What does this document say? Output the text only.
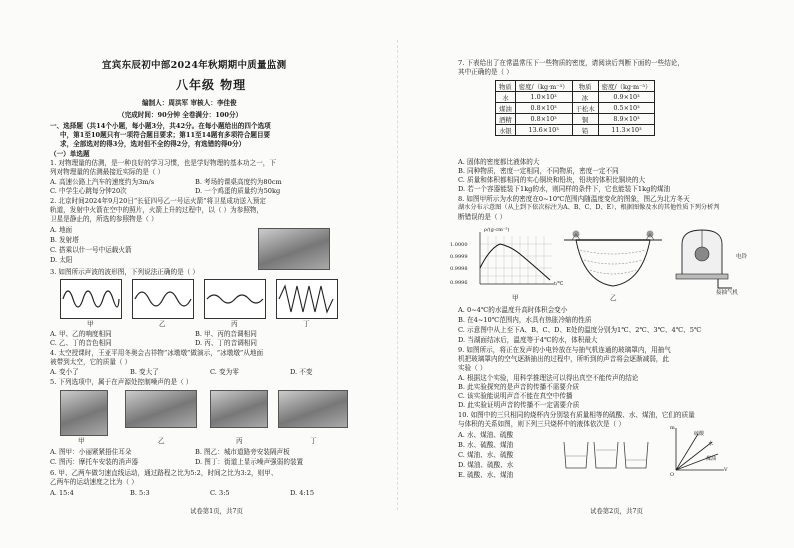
宜宾东辰初中部2024年秋期期中质量监测
八年级 物理
编制人：周洪军 审核人：李佳俊
（完成时间：90分钟 全卷满分：100分）
一、选择题（共14个小题，每小题3分，共42分。在每小题给出的四个选项
中，第1至10题只有一项符合题目要求；第11至14题有多项符合题目要
求，全部选对的得3分，选对但不全的得2分，有选错的得0分）
（一）单选题
1. 对物理量的估测，是一种良好的学习习惯，也是学好物理的基本功之一，下
列对物理量的估测最接近实际的是（ ）
A. 高速公路上汽车的速度约为3m/s	B. 考场的课桌高度约为80cm
C. 中学生心跳每分钟20次	D. 一个鸡蛋的质量约为50kg
2. 北京时间2024年9月20日“长征四号乙一号运火箭”将卫星成功送入预定
轨道，发射中火箭在空中的照片，火箭上升的过程中，以（ ）为参照物，
卫星是静止的，所选的参照物是（ ）
A. 地面
B. 发射塔
C. 搭乘以什一号中运载火箭
D. 太阳
3. 如图所示声波的波形图，下列说法正确的是（ ）
甲	乙	丙	丁
A. 甲、乙的响度相同	B. 甲、丙的音调相同
C. 乙、丁的音色相同	D. 丙、丁的音调相同
4. 太空授课时，王亚平用冬奥会吉祥物“冰墩墩”做演示，“冰墩墩”从地面
被带到太空，它的质量（ ）
A. 变小了	B. 变大了	C. 变为零	D. 不变
5. 下列选项中，属于在声源处控制噪声的是（ ）
甲	乙	丙	丁
A. 图甲：小丽紧紧捂住耳朵	B. 图乙：城市道路旁安装隔声板
C. 图丙：摩托车安装的消声器	D. 图丁：街道上显示噪声强弱的装置
6. 甲、乙两车做匀速直线运动，通过路程之比为5:2，时间之比为3:2，则甲、
乙两车的运动速度之比为（ ）
A. 15:4	B. 5:3	C. 3:5	D. 4:15
试卷第1页，共7页
7. 下表给出了在常温常压下一些物质的密度，请阅读后判断下面的一些结论，
其中正确的是（ ）
物质	密度/（kg·m⁻³）	物质	密度/（kg·m⁻³）
水	1.0×10³	冰	0.9×10³
煤油	0.8×10³	干松木	0.5×10³
酒精	0.8×10³	铜	8.9×10³
水银	13.6×10³	铅	11.3×10³
A. 固体的密度都比液体的大
B. 同种物质，密度一定相同，不同物质，密度一定不同
C. 质量和体积都相同的实心铜块和铅块，铅块的体积比铜块的大
D. 若一个容器能装下1kg的水，则同样的条件下，它也能装下1kg的煤油
8. 如图甲所示为水的密度在0~10℃范围内随温度变化的图象，图乙为北方冬天
湖水分布示意图（从上到下依次标注为A、B、C、D、E），根据图像及水的其他性质下列分析判
断错误的是（ ）
ρ/(g·cm⁻³)
1.0000
0.9999
0.9998
0.9996	t/℃
甲	乙
电铃
接抽气机
A. 0~4℃的水温度升高时体积会变小
B. 在4~10℃范围内，水具有热胀冷缩的性质
C. 示意图中从上至下A、B、C、D、E处的温度分别为1℃、2℃、3℃、4℃、5℃
D. 当湖面结冰后，温度等于4℃的水，体积最大
9. 如图所示，将正在发声的小电铃放在与抽气机连通的玻璃罩内，用抽气
机把玻璃罩内的空气逐渐抽出的过程中，所听到的声音将会逐渐减弱，此
实验（ ）
A. 根据这个实验，用科学推理法可以得出真空不能传声的结论
B. 此实验探究的是声音的传播不需要介质
C. 该实验能说明声音不能在真空中传播
D. 此实验证明声音的传播不一定需要介质
10. 如图中的三只相同的烧杯内分别装有质量相等的硫酸、水、煤油，它们的质量
与体积的关系如图，则下列三只烧杯中的液体依次是（ ）
A. 水、煤油、硫酸
B. 水、硫酸、煤油
C. 煤油、水、硫酸
D. 煤油、硫酸、水
E. 硫酸、水、煤油
硫酸
水
煤油
O
V
m
试卷第2页，共7页
